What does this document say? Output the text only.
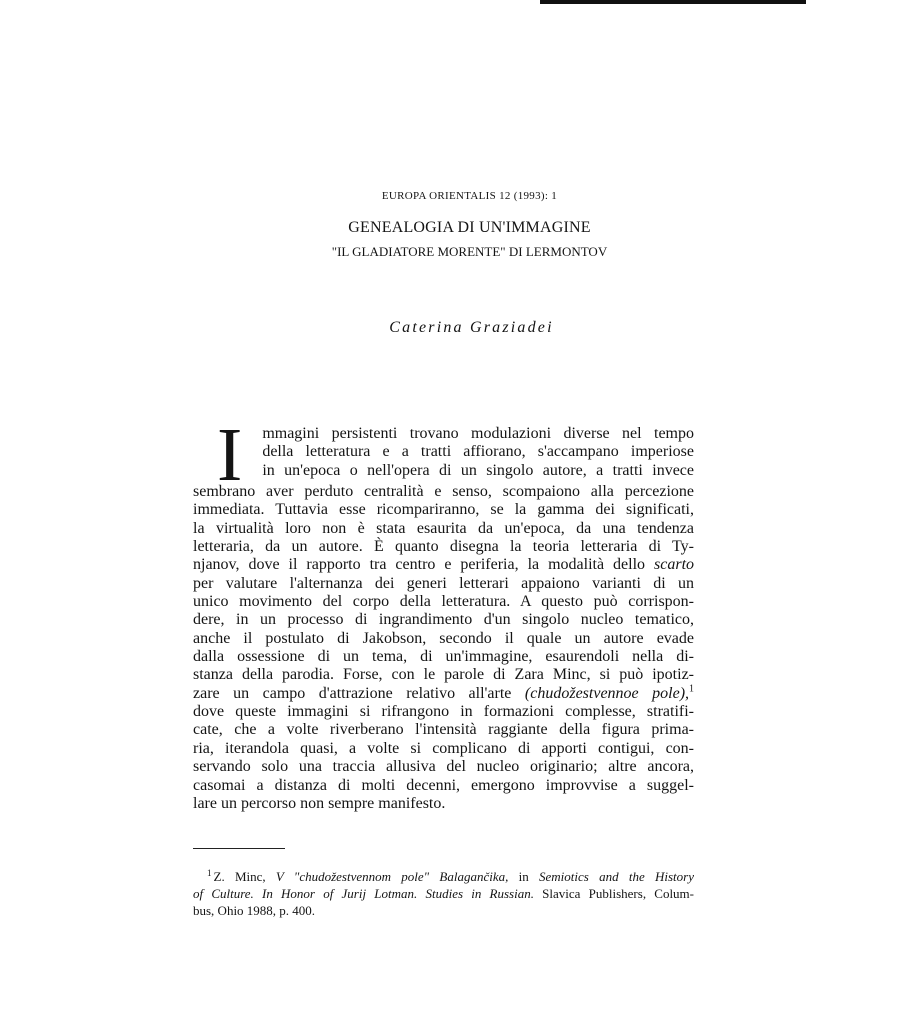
EUROPA ORIENTALIS 12 (1993): 1
GENEALOGIA DI UN'IMMAGINE
"IL GLADIATORE MORENTE" DI LERMONTOV
Caterina Graziadei
I	mmagini persistenti trovano modulazioni diverse nel tempo
della letteratura e a tratti affiorano, s'accampano imperiose
in un'epoca o nell'opera di un singolo autore, a tratti invece
sembrano aver perduto centralità e senso, scompaiono alla percezione
immediata. Tuttavia esse ricompariranno, se la gamma dei significati,
la virtualità loro non è stata esaurita da un'epoca, da una tendenza
letteraria, da un autore. È quanto disegna la teoria letteraria di Ty-
njanov, dove il rapporto tra centro e periferia, la modalità dello scarto
per valutare l'alternanza dei generi letterari appaiono varianti di un
unico movimento del corpo della letteratura. A questo può corrispon-
dere, in un processo di ingrandimento d'un singolo nucleo tematico,
anche il postulato di Jakobson, secondo il quale un autore evade
dalla ossessione di un tema, di un'immagine, esaurendoli nella di-
stanza della parodia. Forse, con le parole di Zara Minc, si può ipotiz-
zare un campo d'attrazione relativo all'arte (chudožestvennoe pole),$^1$
dove queste immagini si rifrangono in formazioni complesse, stratifi-
cate, che a volte riverberano l'intensità raggiante della figura prima-
ria, iterandola quasi, a volte si complicano di apporti contigui, con-
servando solo una traccia allusiva del nucleo originario; altre ancora,
casomai a distanza di molti decenni, emergono improvvise a suggel-
lare un percorso non sempre manifesto.
$^1$ Z. Minc, V "chudožestvennom pole" Balagančika, in Semiotics and the History
of Culture. In Honor of Jurij Lotman. Studies in Russian. Slavica Publishers, Colum-
bus, Ohio 1988, p. 400.
